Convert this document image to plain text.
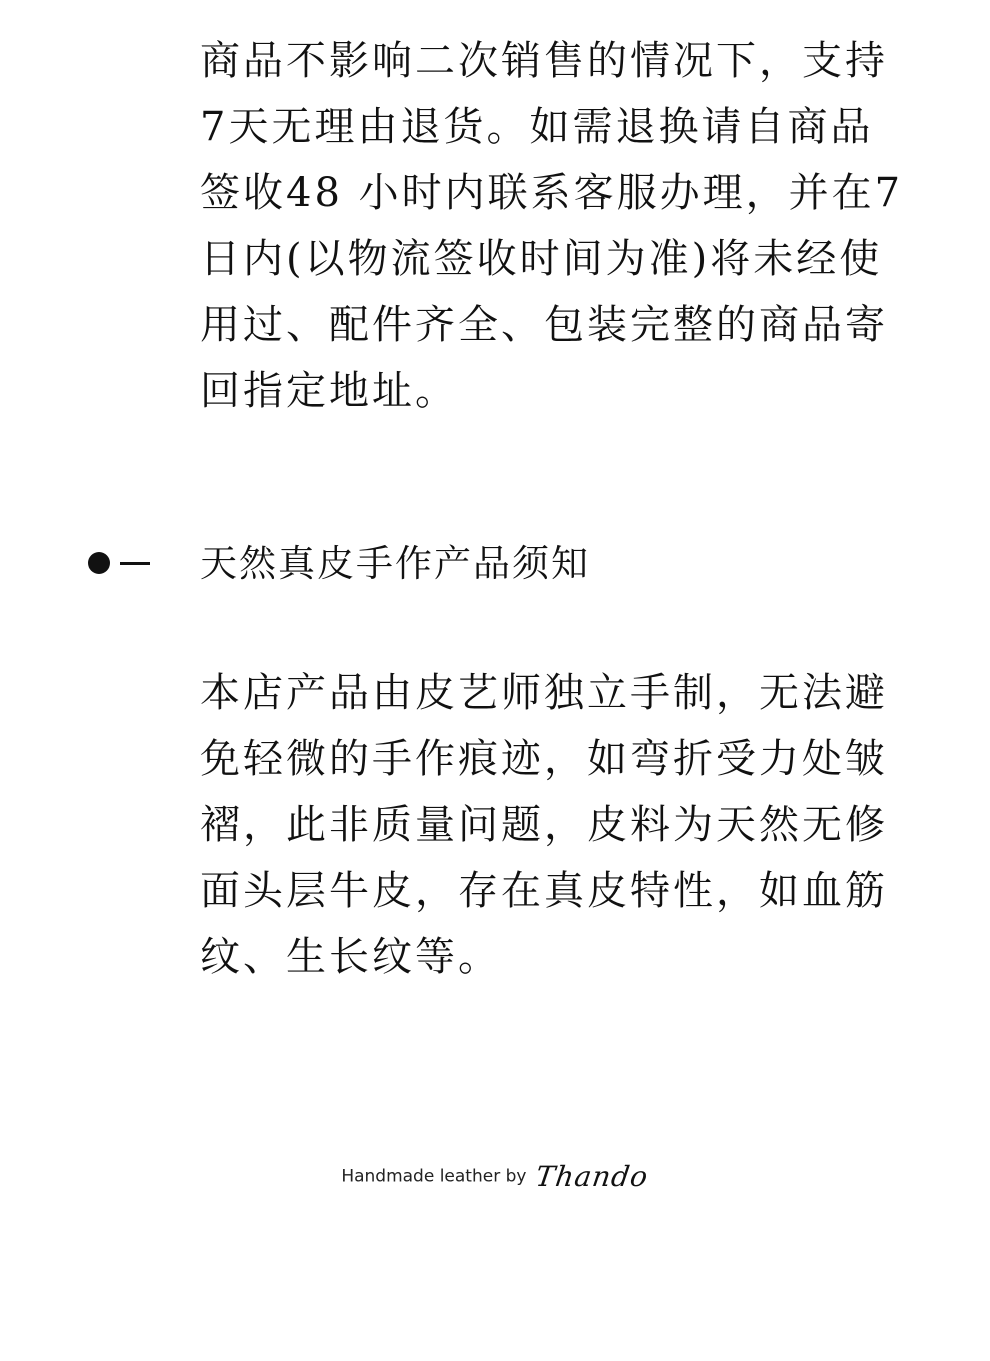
商品不影响二次销售的情况下，支持
7天无理由退货。如需退换请自商品
签收48 小时内联系客服办理，并在7
日内(以物流签收时间为准)将未经使
用过、配件齐全、包装完整的商品寄
回指定地址。
天然真皮手作产品须知
本店产品由皮艺师独立手制，无法避
免轻微的手作痕迹，如弯折受力处皱
褶，此非质量问题，皮料为天然无修
面头层牛皮，存在真皮特性，如血筋
纹、生长纹等。
Handmade leather by Thando
